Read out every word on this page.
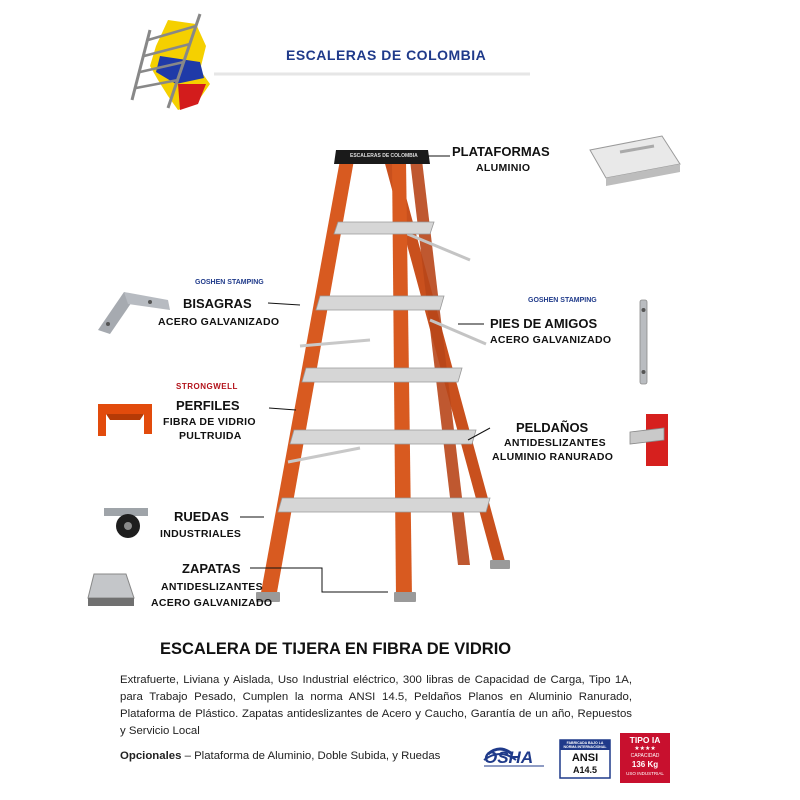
ESCALERAS DE COLOMBIA
ESCALERAS DE COLOMBIA	PLATAFORMAS
ALUMINIO
GOSHEN STAMPING
BISAGRAS
ACERO GALVANIZADO
GOSHEN STAMPING
PIES DE AMIGOS
ACERO GALVANIZADO
STRONGWELL
PERFILES
FIBRA DE VIDRIO
PULTRUIDA
PELDAÑOS
ANTIDESLIZANTES
ALUMINIO RANURADO
RUEDAS
INDUSTRIALES
ZAPATAS
ANTIDESLIZANTES
ACERO GALVANIZADO
ESCALERA DE TIJERA EN FIBRA DE VIDRIO
Extrafuerte, Liviana y Aislada, Uso Industrial eléctrico, 300 libras de Capacidad de Carga, Tipo 1A, para Trabajo Pesado, Cumplen la norma ANSI 14.5, Peldaños Planos en Aluminio Ranurado, Plataforma de Plástico. Zapatas antideslizantes de Acero y Caucho, Garantía de un año, Repuestos y Servicio Local
Opcionales – Plataforma de Aluminio, Doble Subida, y Ruedas	OSHA
FABRICADA BAJO LA NORMA INTERNACIONAL
ANSI
A14.5
TIPO IA
★★★★
CAPACIDAD
136 Kg
USO INDUSTRIAL
